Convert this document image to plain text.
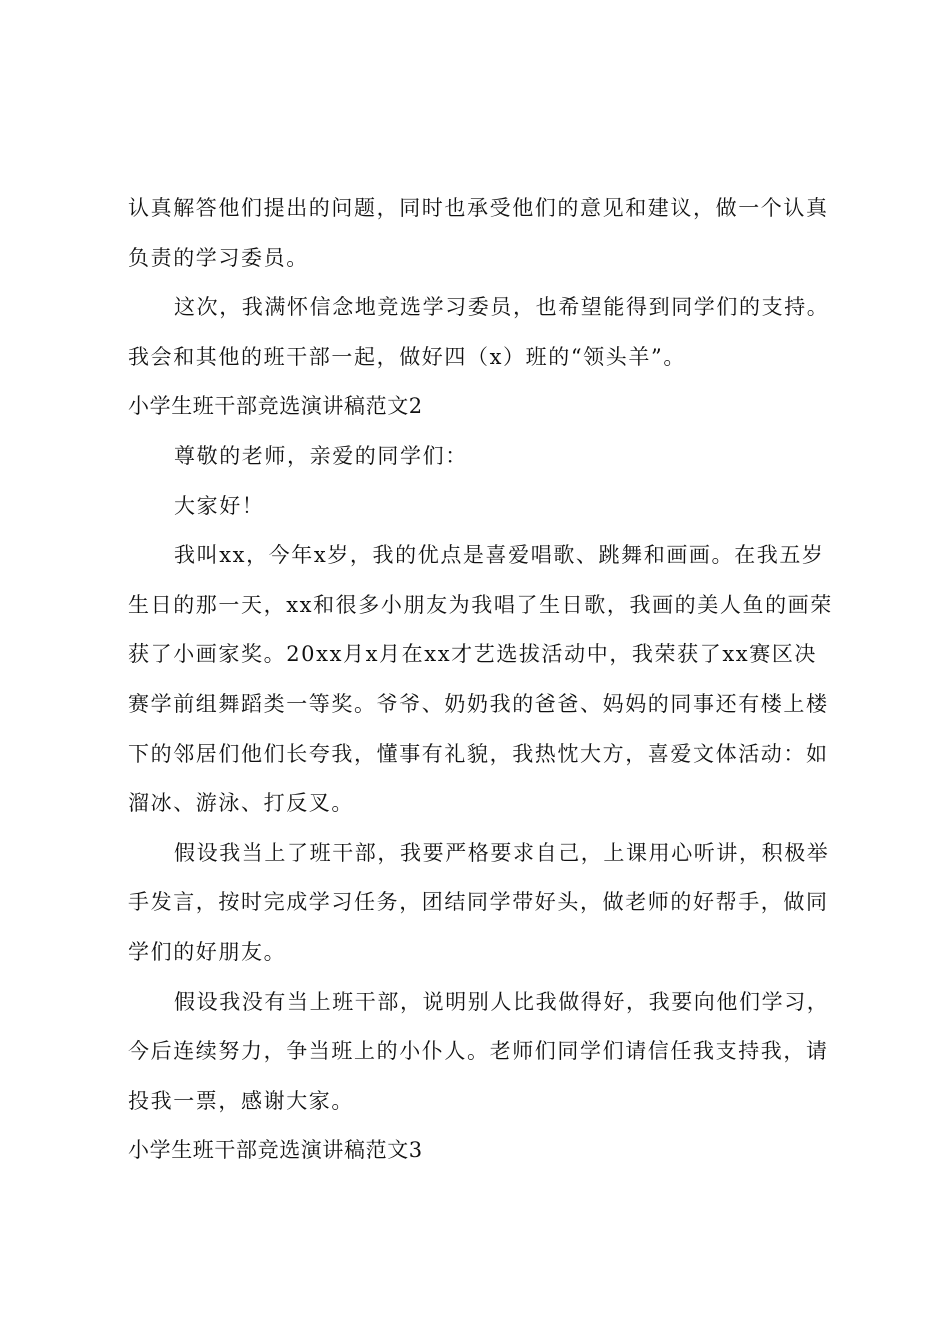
认真解答他们提出的问题，同时也承受他们的意见和建议，做一个认真
负责的学习委员。
这次，我满怀信念地竞选学习委员，也希望能得到同学们的支持。
我会和其他的班干部一起，做好四（x）班的“领头羊”。
小学生班干部竞选演讲稿范文2
尊敬的老师，亲爱的同学们：
大家好！
我叫xx，今年x岁，我的优点是喜爱唱歌、跳舞和画画。在我五岁
生日的那一天，xx和很多小朋友为我唱了生日歌，我画的美人鱼的画荣
获了小画家奖。20xx月x月在xx才艺选拔活动中，我荣获了xx赛区决
赛学前组舞蹈类一等奖。爷爷、奶奶我的爸爸、妈妈的同事还有楼上楼
下的邻居们他们长夸我，懂事有礼貌，我热忱大方，喜爱文体活动：如
溜冰、游泳、打反叉。
假设我当上了班干部，我要严格要求自己，上课用心听讲，积极举
手发言，按时完成学习任务，团结同学带好头，做老师的好帮手，做同
学们的好朋友。
假设我没有当上班干部，说明别人比我做得好，我要向他们学习，
今后连续努力，争当班上的小仆人。老师们同学们请信任我支持我，请
投我一票，感谢大家。
小学生班干部竞选演讲稿范文3
